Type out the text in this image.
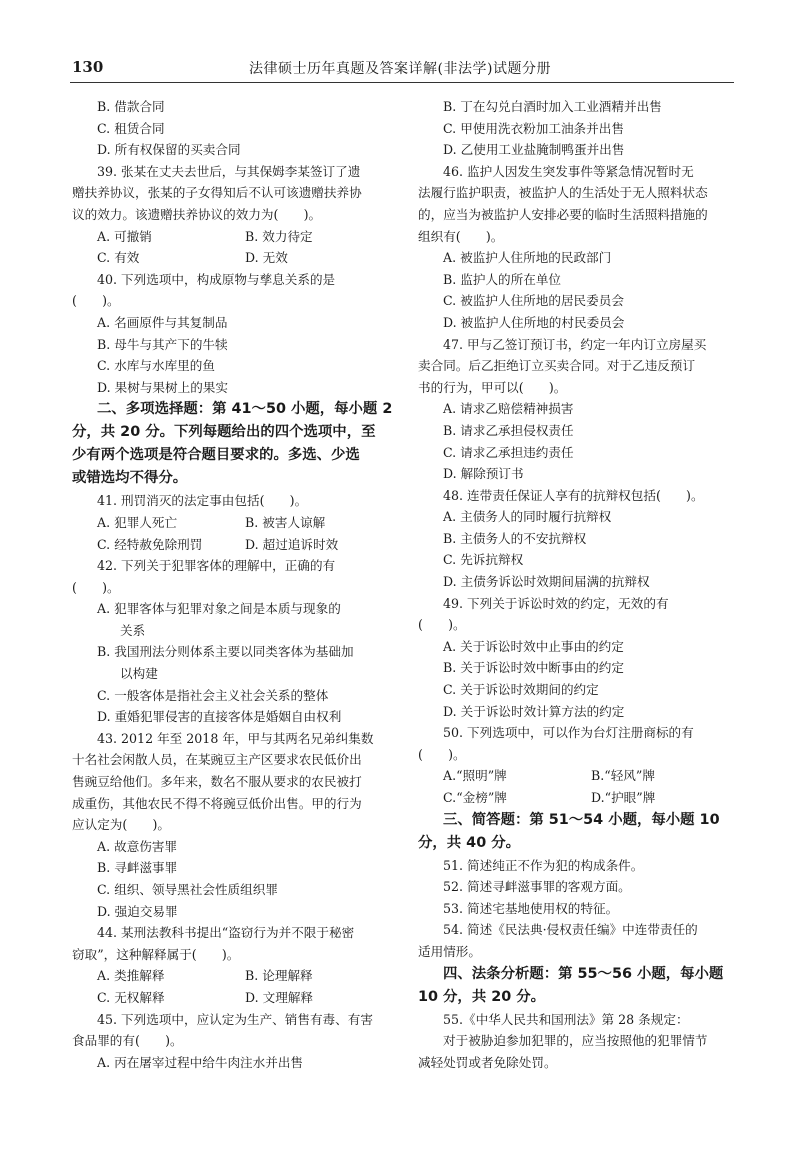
130	法律硕士历年真题及答案详解(非法学)试题分册
B. 借款合同
C. 租赁合同
D. 所有权保留的买卖合同
39. 张某在丈夫去世后，与其保姆李某签订了遗
赠扶养协议，张某的子女得知后不认可该遗赠扶养协
议的效力。该遗赠扶养协议的效力为(　　)。
A. 可撤销	B. 效力待定
C. 有效	D. 无效
40. 下列选项中，构成原物与孳息关系的是
(　　)。
A. 名画原件与其复制品
B. 母牛与其产下的牛犊
C. 水库与水库里的鱼
D. 果树与果树上的果实
二、多项选择题：第 41～50 小题，每小题 2
分，共 20 分。下列每题给出的四个选项中，至
少有两个选项是符合题目要求的。多选、少选
或错选均不得分。
41. 刑罚消灭的法定事由包括(　　)。
A. 犯罪人死亡	B. 被害人谅解
C. 经特赦免除刑罚	D. 超过追诉时效
42. 下列关于犯罪客体的理解中，正确的有
(　　)。
A. 犯罪客体与犯罪对象之间是本质与现象的
关系
B. 我国刑法分则体系主要以同类客体为基础加
以构建
C. 一般客体是指社会主义社会关系的整体
D. 重婚犯罪侵害的直接客体是婚姻自由权利
43. 2012 年至 2018 年，甲与其两名兄弟纠集数
十名社会闲散人员，在某豌豆主产区要求农民低价出
售豌豆给他们。多年来，数名不服从要求的农民被打
成重伤，其他农民不得不将豌豆低价出售。甲的行为
应认定为(　　)。
A. 故意伤害罪
B. 寻衅滋事罪
C. 组织、领导黑社会性质组织罪
D. 强迫交易罪
44. 某刑法教科书提出“盗窃行为并不限于秘密
窃取”，这种解释属于(　　)。
A. 类推解释	B. 论理解释
C. 无权解释	D. 文理解释
45. 下列选项中，应认定为生产、销售有毒、有害
食品罪的有(　　)。
A. 丙在屠宰过程中给牛肉注水并出售
B. 丁在勾兑白酒时加入工业酒精并出售
C. 甲使用洗衣粉加工油条并出售
D. 乙使用工业盐腌制鸭蛋并出售
46. 监护人因发生突发事件等紧急情况暂时无
法履行监护职责，被监护人的生活处于无人照料状态
的，应当为被监护人安排必要的临时生活照料措施的
组织有(　　)。
A. 被监护人住所地的民政部门
B. 监护人的所在单位
C. 被监护人住所地的居民委员会
D. 被监护人住所地的村民委员会
47. 甲与乙签订预订书，约定一年内订立房屋买
卖合同。后乙拒绝订立买卖合同。对于乙违反预订
书的行为，甲可以(　　)。
A. 请求乙赔偿精神损害
B. 请求乙承担侵权责任
C. 请求乙承担违约责任
D. 解除预订书
48. 连带责任保证人享有的抗辩权包括(　　)。
A. 主债务人的同时履行抗辩权
B. 主债务人的不安抗辩权
C. 先诉抗辩权
D. 主债务诉讼时效期间届满的抗辩权
49. 下列关于诉讼时效的约定，无效的有
(　　)。
A. 关于诉讼时效中止事由的约定
B. 关于诉讼时效中断事由的约定
C. 关于诉讼时效期间的约定
D. 关于诉讼时效计算方法的约定
50. 下列选项中，可以作为台灯注册商标的有
(　　)。
A.“照明”牌	B.“轻风”牌
C.“金榜”牌	D.“护眼”牌
三、简答题：第 51～54 小题，每小题 10
分，共 40 分。
51. 简述纯正不作为犯的构成条件。
52. 简述寻衅滋事罪的客观方面。
53. 简述宅基地使用权的特征。
54. 简述《民法典·侵权责任编》中连带责任的
适用情形。
四、法条分析题：第 55～56 小题，每小题
10 分，共 20 分。
55.《中华人民共和国刑法》第 28 条规定：
对于被胁迫参加犯罪的，应当按照他的犯罪情节
减轻处罚或者免除处罚。
